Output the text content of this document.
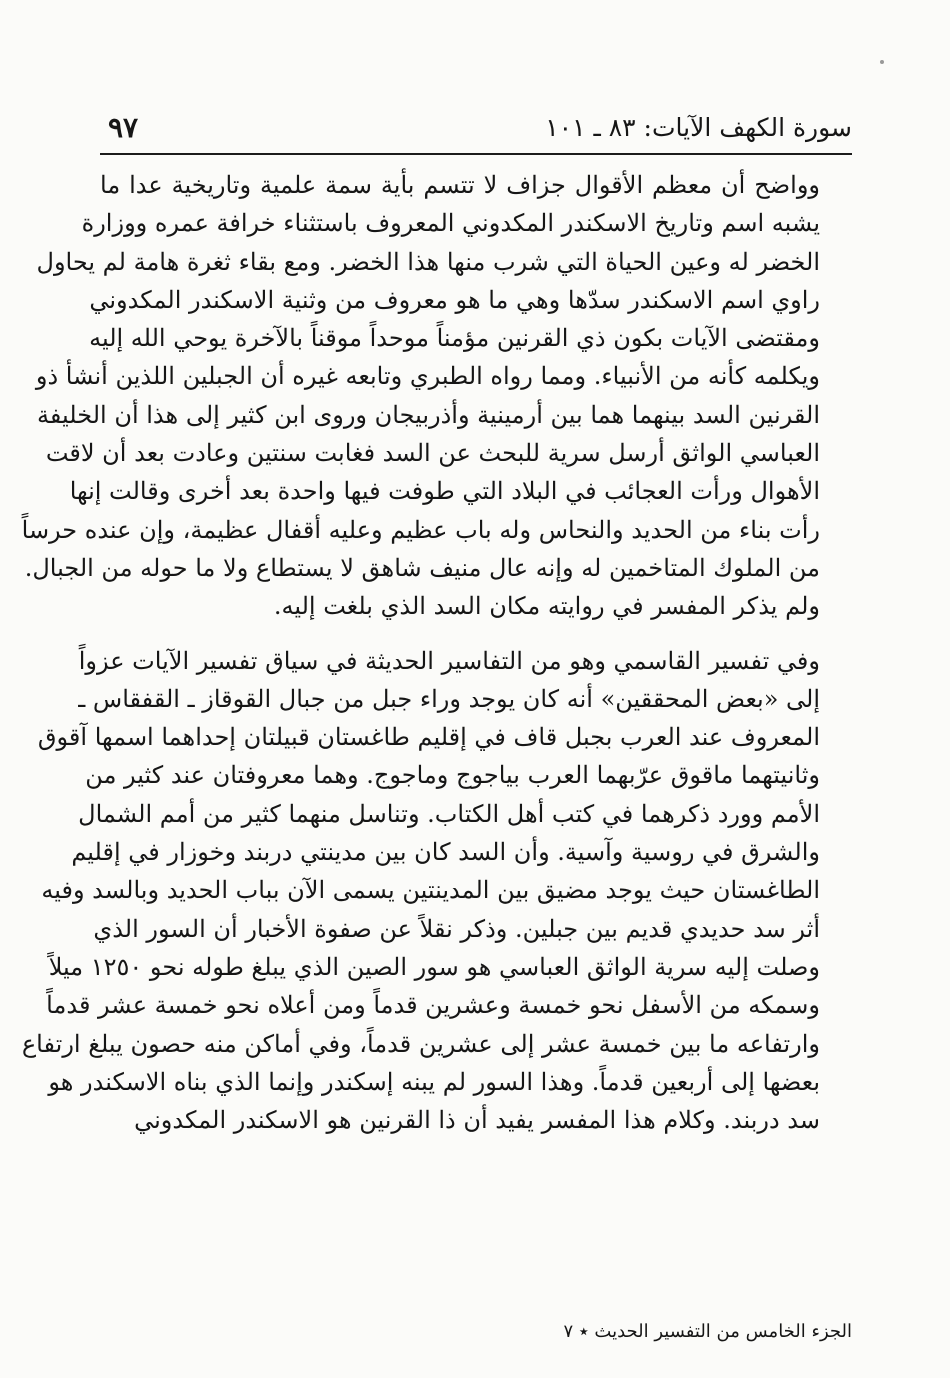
سورة الكهف الآيات: ٨٣ ـ ١٠١
٩٧

وواضح أن معظم الأقوال جزاف لا تتسم بأية سمة علمية وتاريخية عدا ما
يشبه اسم وتاريخ الاسكندر المكدوني المعروف باستثناء خرافة عمره ووزارة
الخضر له وعين الحياة التي شرب منها هذا الخضر. ومع بقاء ثغرة هامة لم يحاول
راوي اسم الاسكندر سدّها وهي ما هو معروف من وثنية الاسكندر المكدوني
ومقتضى الآيات بكون ذي القرنين مؤمناً موحداً موقناً بالآخرة يوحي الله إليه
ويكلمه كأنه من الأنبياء. ومما رواه الطبري وتابعه غيره أن الجبلين اللذين أنشأ ذو
القرنين السد بينهما هما بين أرمينية وأذربيجان وروى ابن كثير إلى هذا أن الخليفة
العباسي الواثق أرسل سرية للبحث عن السد فغابت سنتين وعادت بعد أن لاقت
الأهوال ورأت العجائب في البلاد التي طوفت فيها واحدة بعد أخرى وقالت إنها
رأت بناء من الحديد والنحاس وله باب عظيم وعليه أقفال عظيمة، وإن عنده حرساً
من الملوك المتاخمين له وإنه عال منيف شاهق لا يستطاع ولا ما حوله من الجبال.
ولم يذكر المفسر في روايته مكان السد الذي بلغت إليه.

وفي تفسير القاسمي وهو من التفاسير الحديثة في سياق تفسير الآيات عزواً
إلى «بعض المحققين» أنه كان يوجد وراء جبل من جبال القوقاز ـ القفقاس ـ
المعروف عند العرب بجبل قاف في إقليم طاغستان قبيلتان إحداهما اسمها آقوق
وثانيتهما ماقوق عرّبهما العرب بياجوج وماجوج. وهما معروفتان عند كثير من
الأمم وورد ذكرهما في كتب أهل الكتاب. وتناسل منهما كثير من أمم الشمال
والشرق في روسية وآسية. وأن السد كان بين مدينتي دربند وخوزار في إقليم
الطاغستان حيث يوجد مضيق بين المدينتين يسمى الآن بباب الحديد وبالسد وفيه
أثر سد حديدي قديم بين جبلين. وذكر نقلاً عن صفوة الأخبار أن السور الذي
وصلت إليه سرية الواثق العباسي هو سور الصين الذي يبلغ طوله نحو ١٢٥٠ ميلاً
وسمكه من الأسفل نحو خمسة وعشرين قدماً ومن أعلاه نحو خمسة عشر قدماً
وارتفاعه ما بين خمسة عشر إلى عشرين قدماً، وفي أماكن منه حصون يبلغ ارتفاع
بعضها إلى أربعين قدماً. وهذا السور لم يبنه إسكندر وإنما الذي بناه الاسكندر هو
سد دربند. وكلام هذا المفسر يفيد أن ذا القرنين هو الاسكندر المكدوني

الجزء الخامس من التفسير الحديث ٭ ٧
